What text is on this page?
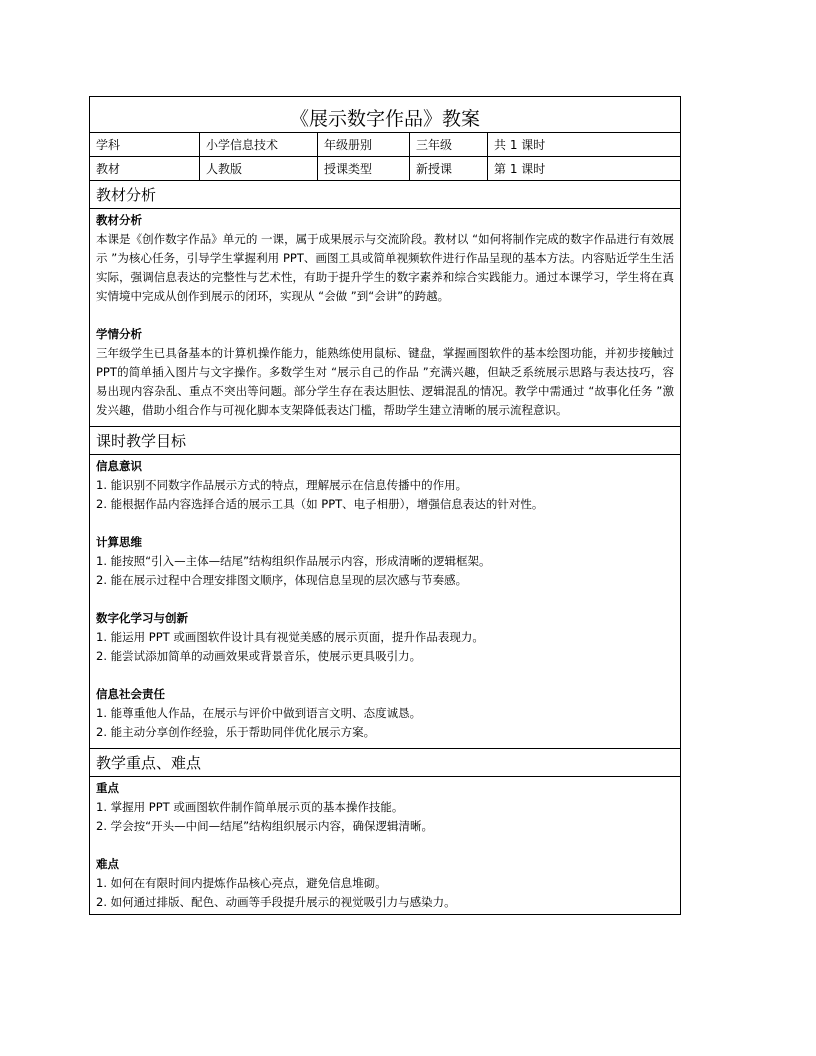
《展示数字作品》教案
学科	小学信息技术	年级册别	三年级	共 1 课时
教材	人教版	授课类型	新授课	第 1 课时
教材分析
教材分析
本课是《创作数字作品》单元的 一课，属于成果展示与交流阶段。教材以 “如何将制作完成的数字作品进行有效展示 ”为核心任务，引导学生掌握利用 PPT、画图工具或简单视频软件进行作品呈现的基本方法。内容贴近学生生活实际，强调信息表达的完整性与艺术性，有助于提升学生的数字素养和综合实践能力。通过本课学习，学生将在真实情境中完成从创作到展示的闭环，实现从 “会做 ”到“会讲”的跨越。
学情分析
三年级学生已具备基本的计算机操作能力，能熟练使用鼠标、键盘，掌握画图软件的基本绘图功能，并初步接触过 PPT的简单插入图片与文字操作。多数学生对 “展示自己的作品 ”充满兴趣，但缺乏系统展示思路与表达技巧，容易出现内容杂乱、重点不突出等问题。部分学生存在表达胆怯、逻辑混乱的情况。教学中需通过 “故事化任务 ”激发兴趣，借助小组合作与可视化脚本支架降低表达门槛，帮助学生建立清晰的展示流程意识。
课时教学目标
信息意识
1. 能识别不同数字作品展示方式的特点，理解展示在信息传播中的作用。
2. 能根据作品内容选择合适的展示工具（如 PPT、电子相册），增强信息表达的针对性。
计算思维
1. 能按照“引入—主体—结尾”结构组织作品展示内容，形成清晰的逻辑框架。
2. 能在展示过程中合理安排图文顺序，体现信息呈现的层次感与节奏感。
数字化学习与创新
1. 能运用 PPT 或画图软件设计具有视觉美感的展示页面，提升作品表现力。
2. 能尝试添加简单的动画效果或背景音乐，使展示更具吸引力。
信息社会责任
1. 能尊重他人作品，在展示与评价中做到语言文明、态度诚恳。
2. 能主动分享创作经验，乐于帮助同伴优化展示方案。
教学重点、难点
重点
1. 掌握用 PPT 或画图软件制作简单展示页的基本操作技能。
2. 学会按“开头—中间—结尾”结构组织展示内容，确保逻辑清晰。
难点
1. 如何在有限时间内提炼作品核心亮点，避免信息堆砌。
2. 如何通过排版、配色、动画等手段提升展示的视觉吸引力与感染力。
